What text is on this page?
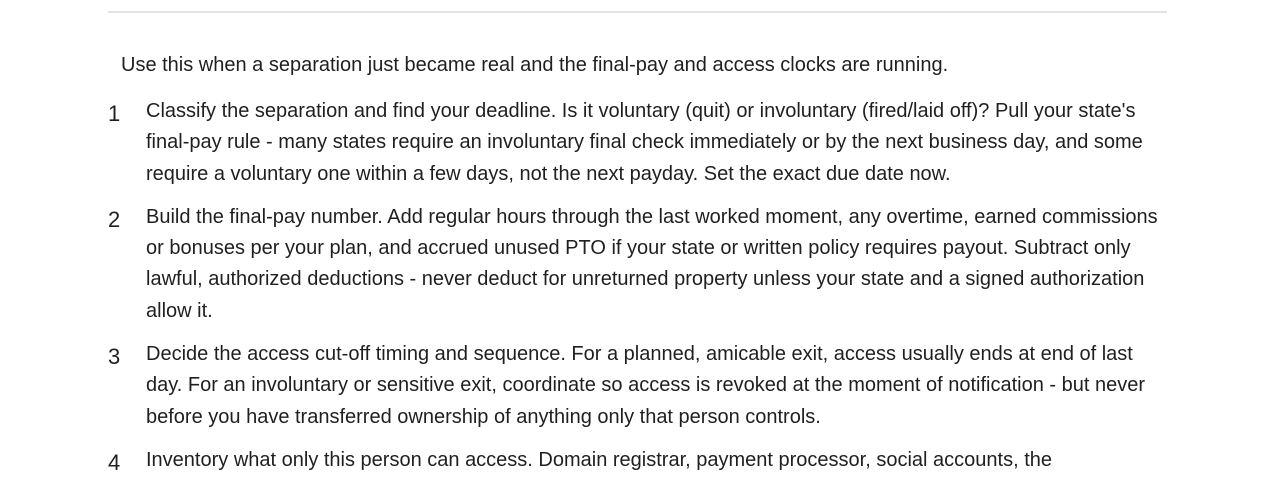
Use this when a separation just became real and the final-pay and access clocks are running.

1 Classify the separation and find your deadline. Is it voluntary (quit) or involuntary (fired/laid off)? Pull your state's final-pay rule - many states require an involuntary final check immediately or by the next business day, and some require a voluntary one within a few days, not the next payday. Set the exact due date now.
2 Build the final-pay number. Add regular hours through the last worked moment, any overtime, earned commissions or bonuses per your plan, and accrued unused PTO if your state or written policy requires payout. Subtract only lawful, authorized deductions - never deduct for unreturned property unless your state and a signed authorization allow it.
3 Decide the access cut-off timing and sequence. For a planned, amicable exit, access usually ends at end of last day. For an involuntary or sensitive exit, coordinate so access is revoked at the moment of notification - but never before you have transferred ownership of anything only that person controls.
4 Inventory what only this person can access. Domain registrar, payment processor, social accounts, the
